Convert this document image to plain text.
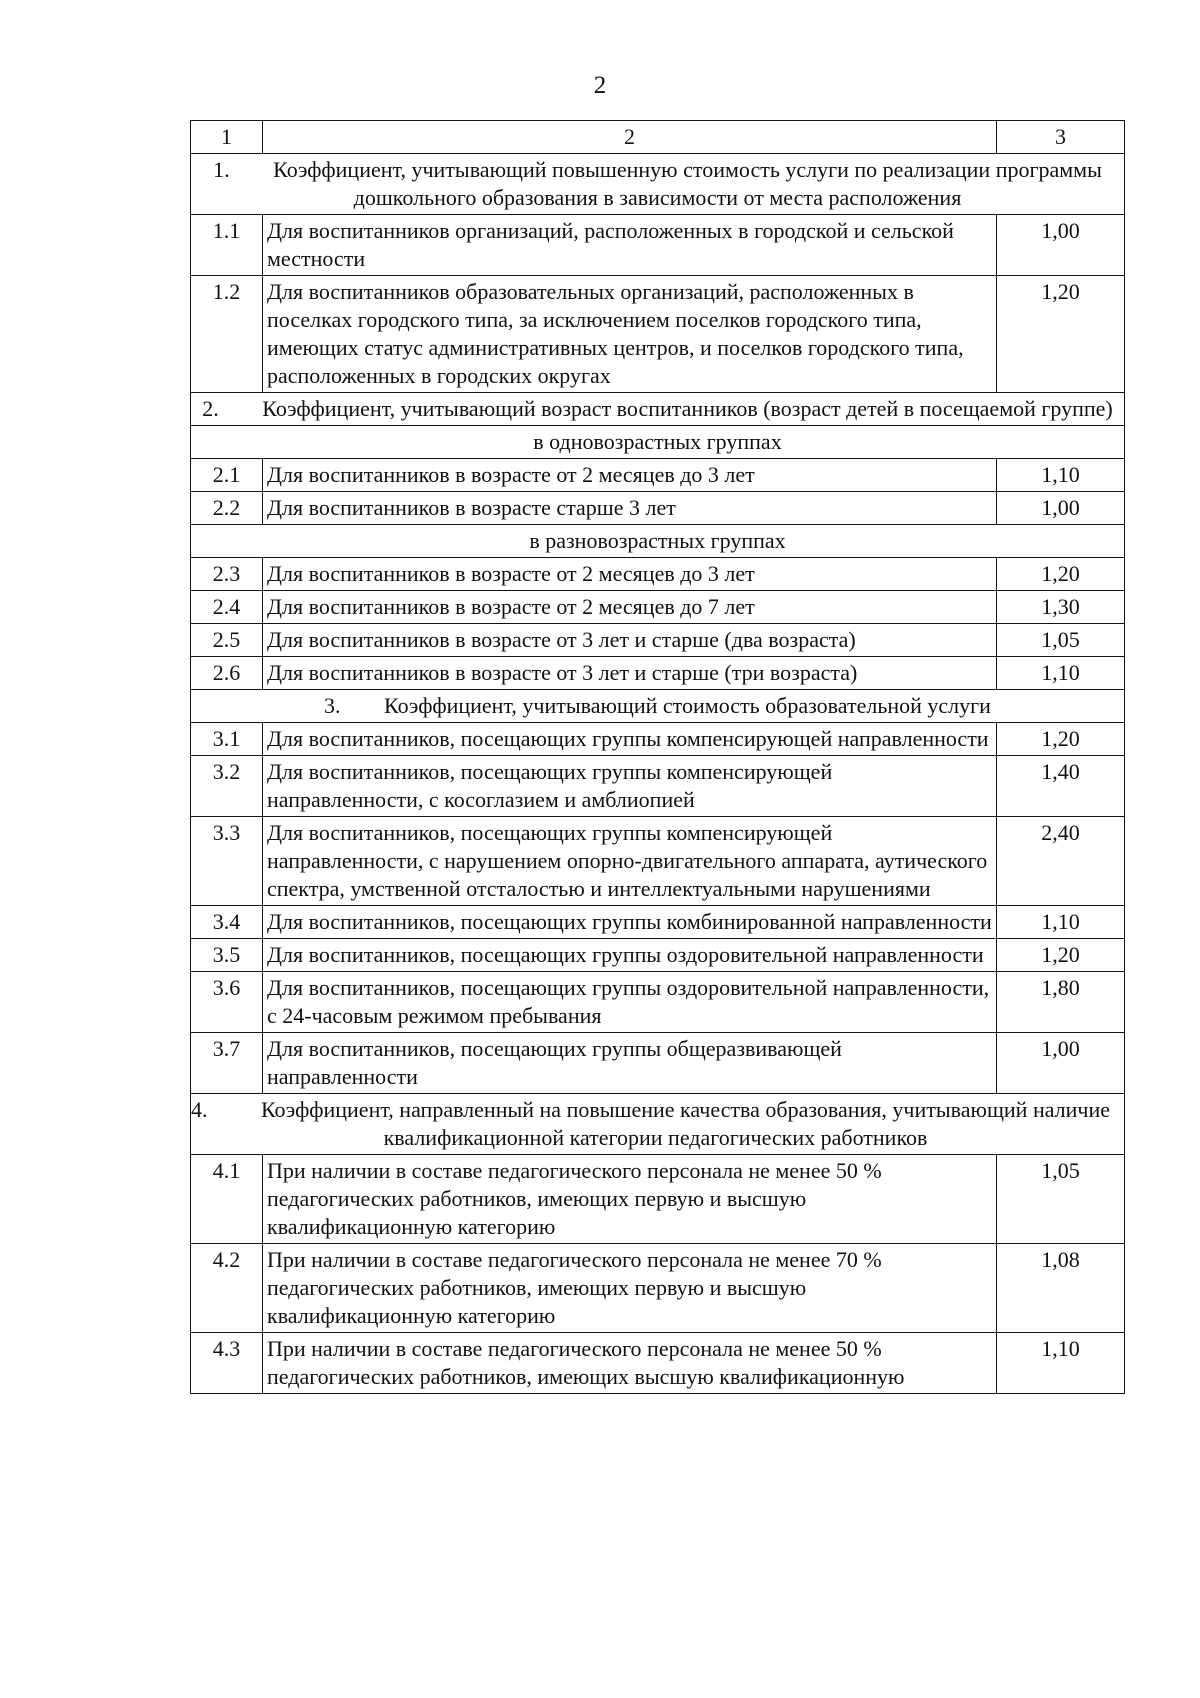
2
1	2	3
1. Коэффициент, учитывающий повышенную стоимость услуги по реализации программы дошкольного образования в зависимости от места расположения		
1.1	Для воспитанников организаций, расположенных в городской и сельской местности	1,00
1.2	Для воспитанников образовательных организаций, расположенных в поселках городского типа, за исключением поселков городского типа, имеющих статус административных центров, и поселков городского типа, расположенных в городских округах	1,20
2. Коэффициент, учитывающий возраст воспитанников (возраст детей в посещаемой группе)		
в одновозрастных группах		
2.1	Для воспитанников в возрасте от 2 месяцев до 3 лет	1,10
2.2	Для воспитанников в возрасте старше 3 лет	1,00
в разновозрастных группах		
2.3	Для воспитанников в возрасте от 2 месяцев до 3 лет	1,20
2.4	Для воспитанников в возрасте от 2 месяцев до 7 лет	1,30
2.5	Для воспитанников в возрасте от 3 лет и старше (два возраста)	1,05
2.6	Для воспитанников в возрасте от 3 лет и старше (три возраста)	1,10
3. Коэффициент, учитывающий стоимость образовательной услуги		
3.1	Для воспитанников, посещающих группы компенсирующей направленности	1,20
3.2	Для воспитанников, посещающих группы компенсирующей направленности, с косоглазием и амблиопией	1,40
3.3	Для воспитанников, посещающих группы компенсирующей направленности, с нарушением опорно-двигательного аппарата, аутического спектра, умственной отсталостью и интеллектуальными нарушениями	2,40
3.4	Для воспитанников, посещающих группы комбинированной направленности	1,10
3.5	Для воспитанников, посещающих группы оздоровительной направленности	1,20
3.6	Для воспитанников, посещающих группы оздоровительной направленности, с 24-часовым режимом пребывания	1,80
3.7	Для воспитанников, посещающих группы общеразвивающей направленности	1,00

4. Коэффициент, направленный на повышение качества образования, учитывающий наличие квалификационной категории педагогических работников		
4.1	При наличии в составе педагогического персонала не менее 50 % педагогических работников, имеющих первую и высшую квалификационную категорию	1,05
4.2	При наличии в составе педагогического персонала не менее 70 % педагогических работников, имеющих первую и высшую квалификационную категорию	1,08
4.3	При наличии в составе педагогического персонала не менее 50 % педагогических работников, имеющих высшую квалификационную	1,10
